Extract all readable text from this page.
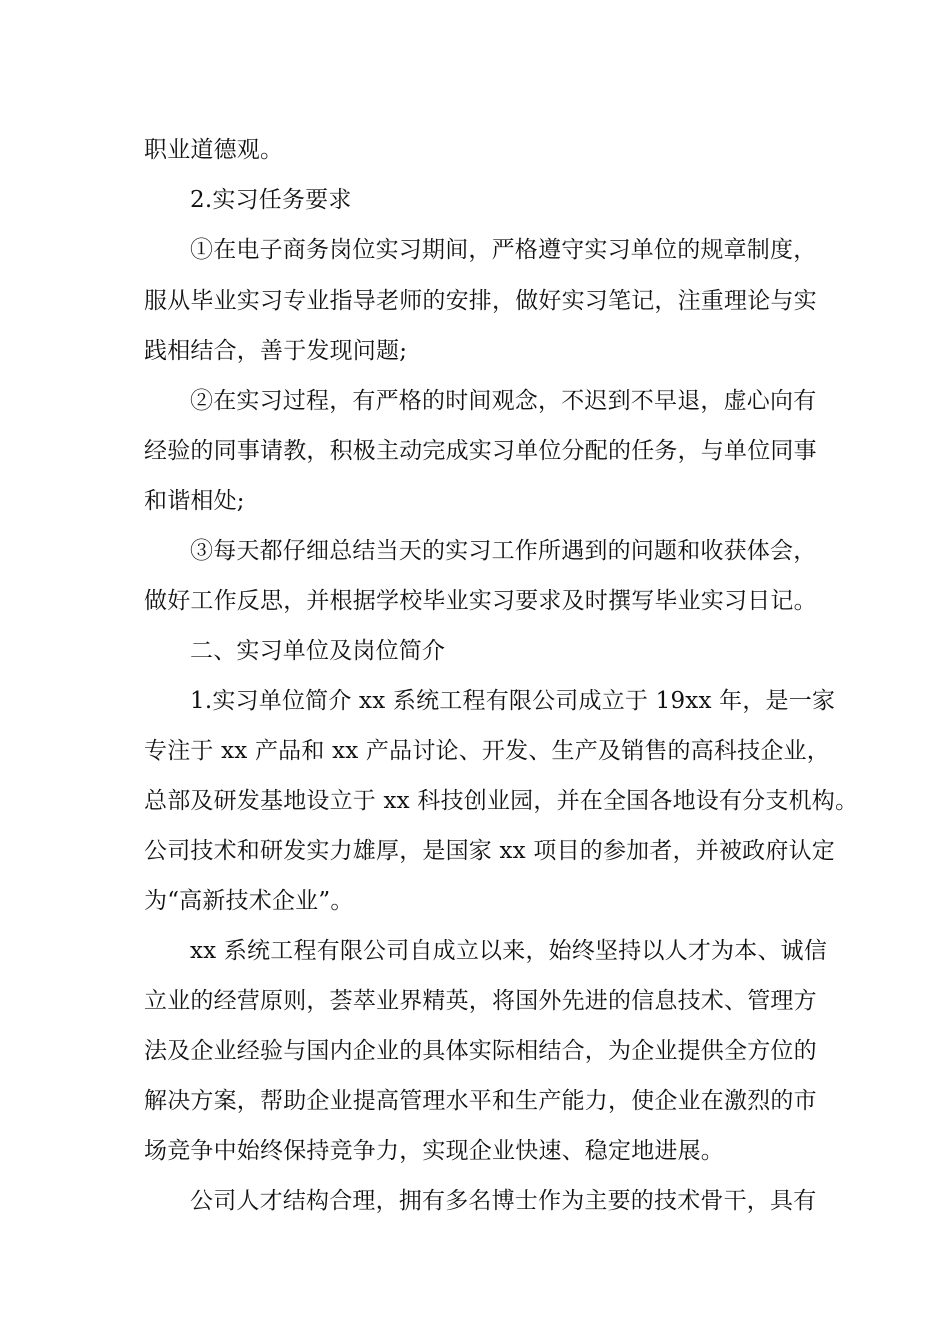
职业道德观。
2.实习任务要求
①在电子商务岗位实习期间，严格遵守实习单位的规章制度，
服从毕业实习专业指导老师的安排，做好实习笔记，注重理论与实
践相结合，善于发现问题;
②在实习过程，有严格的时间观念，不迟到不早退，虚心向有
经验的同事请教，积极主动完成实习单位分配的任务，与单位同事
和谐相处;
③每天都仔细总结当天的实习工作所遇到的问题和收获体会，
做好工作反思，并根据学校毕业实习要求及时撰写毕业实习日记。
二、实习单位及岗位简介
1.实习单位简介 xx 系统工程有限公司成立于 19xx 年，是一家
专注于 xx 产品和 xx 产品讨论、开发、生产及销售的高科技企业，
总部及研发基地设立于 xx 科技创业园，并在全国各地设有分支机构。
公司技术和研发实力雄厚，是国家 xx 项目的参加者，并被政府认定
为“高新技术企业”。
xx 系统工程有限公司自成立以来，始终坚持以人才为本、诚信
立业的经营原则，荟萃业界精英，将国外先进的信息技术、管理方
法及企业经验与国内企业的具体实际相结合，为企业提供全方位的
解决方案，帮助企业提高管理水平和生产能力，使企业在激烈的市
场竞争中始终保持竞争力，实现企业快速、稳定地进展。
公司人才结构合理，拥有多名博士作为主要的技术骨干，具有
